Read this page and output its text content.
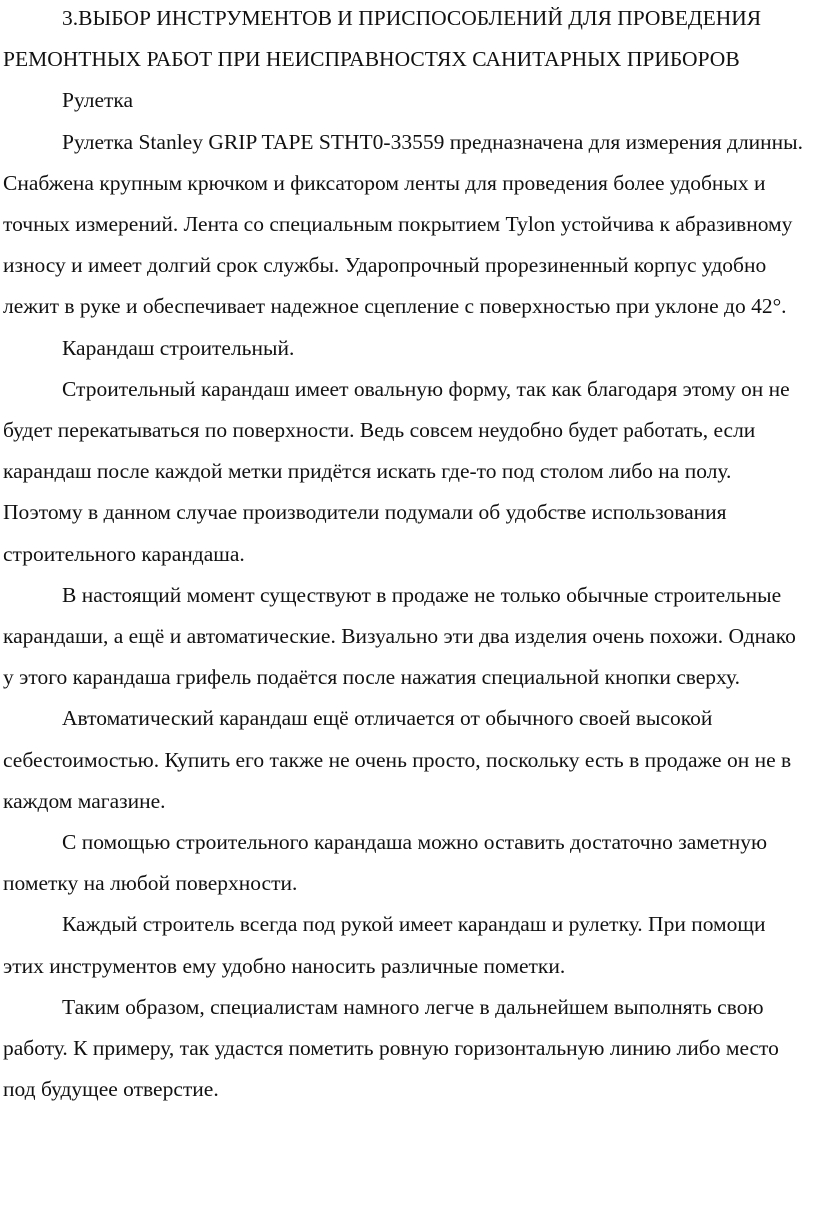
3.ВЫБОР ИНСТРУМЕНТОВ И ПРИСПОСОБЛЕНИЙ ДЛЯ ПРОВЕДЕНИЯ РЕМОНТНЫХ РАБОТ ПРИ НЕИСПРАВНОСТЯХ САНИТАРНЫХ ПРИБОРОВ

Рулетка

Рулетка Stanley GRIP TAPE STHT0-33559 предназначена для измерения длинны. Снабжена крупным крючком и фиксатором ленты для проведения более удобных и точных измерений. Лента со специальным покрытием Tylon устойчива к абразивному износу и имеет долгий срок службы. Ударопрочный прорезиненный корпус удобно лежит в руке и обеспечивает надежное сцепление с поверхностью при уклоне до 42°.

Карандаш строительный.

Строительный карандаш имеет овальную форму, так как благодаря этому он не будет перекатываться по поверхности. Ведь совсем неудобно будет работать, если карандаш после каждой метки придётся искать где-то под столом либо на полу. Поэтому в данном случае производители подумали об удобстве использования строительного карандаша.

В настоящий момент существуют в продаже не только обычные строительные карандаши, а ещё и автоматические. Визуально эти два изделия очень похожи. Однако у этого карандаша грифель подаётся после нажатия специальной кнопки сверху.

Автоматический карандаш ещё отличается от обычного своей высокой себестоимостью. Купить его также не очень просто, поскольку есть в продаже он не в каждом магазине.

С помощью строительного карандаша можно оставить достаточно заметную пометку на любой поверхности.

Каждый строитель всегда под рукой имеет карандаш и рулетку. При помощи этих инструментов ему удобно наносить различные пометки.

Таким образом, специалистам намного легче в дальнейшем выполнять свою работу. К примеру, так удастся пометить ровную горизонтальную линию либо место под будущее отверстие.
